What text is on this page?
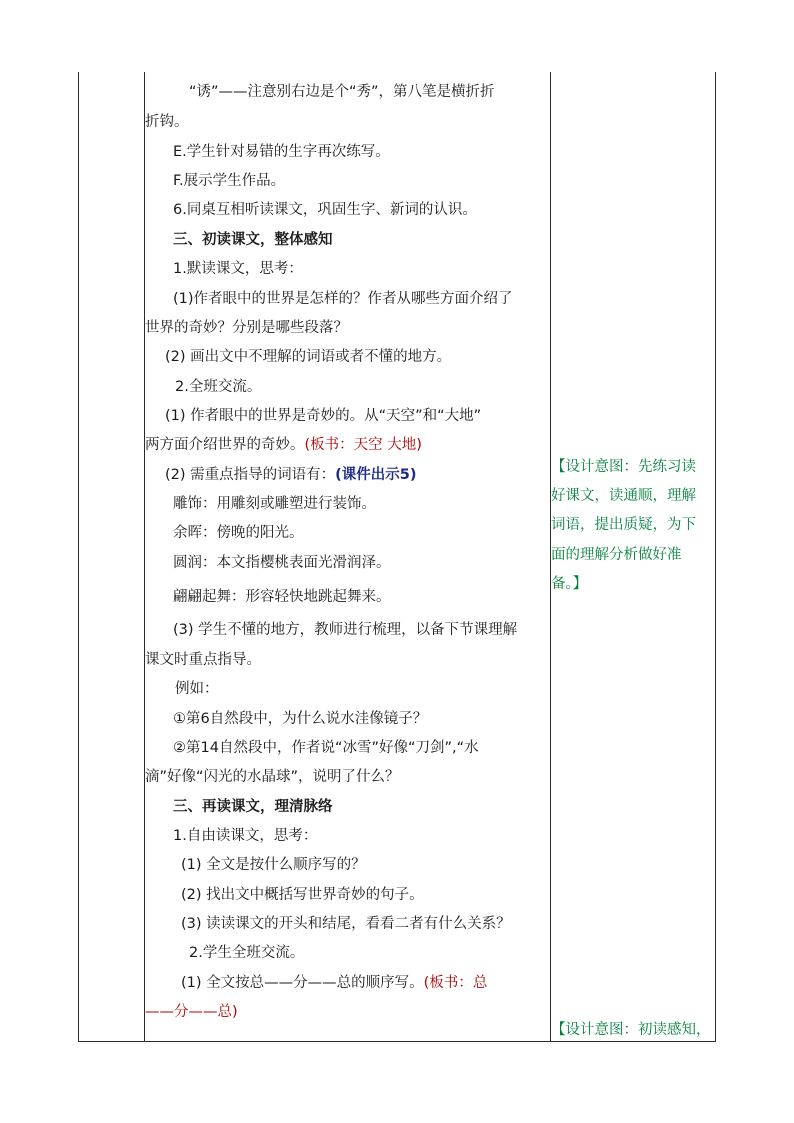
“诱”——注意别右边是个“秀”，第八笔是横折折
折钩。
E.学生针对易错的生字再次练写。
F.展示学生作品。
6.同桌互相听读课文，巩固生字、新词的认识。
三、初读课文，整体感知
1.默读课文，思考：
(1)作者眼中的世界是怎样的？作者从哪些方面介绍了
世界的奇妙？分别是哪些段落？
(2) 画出文中不理解的词语或者不懂的地方。
2.全班交流。
(1) 作者眼中的世界是奇妙的。从“天空”和“大地”
两方面介绍世界的奇妙。(板书：天空 大地)
(2) 需重点指导的词语有：(课件出示5)
雕饰：用雕刻或雕塑进行装饰。
余晖：傍晚的阳光。
圆润：本文指樱桃表面光滑润泽。
翩翩起舞：形容轻快地跳起舞来。
(3) 学生不懂的地方，教师进行梳理，以备下节课理解
课文时重点指导。
例如：
①第6自然段中，为什么说水洼像镜子？
②第14自然段中，作者说“冰雪”好像“刀剑”,“水
滴”好像“闪光的水晶球”，说明了什么？
三、再读课文，理清脉络
1.自由读课文，思考：
(1) 全文是按什么顺序写的？
(2) 找出文中概括写世界奇妙的句子。
(3) 读读课文的开头和结尾，看看二者有什么关系？
2.学生全班交流。
(1) 全文按总——分——总的顺序写。(板书：总
——分——总)
【设计意图：先练习读
好课文，读通顺，理解
词语，提出质疑，为下
面的理解分析做好准
备。】
【设计意图：初读感知，
